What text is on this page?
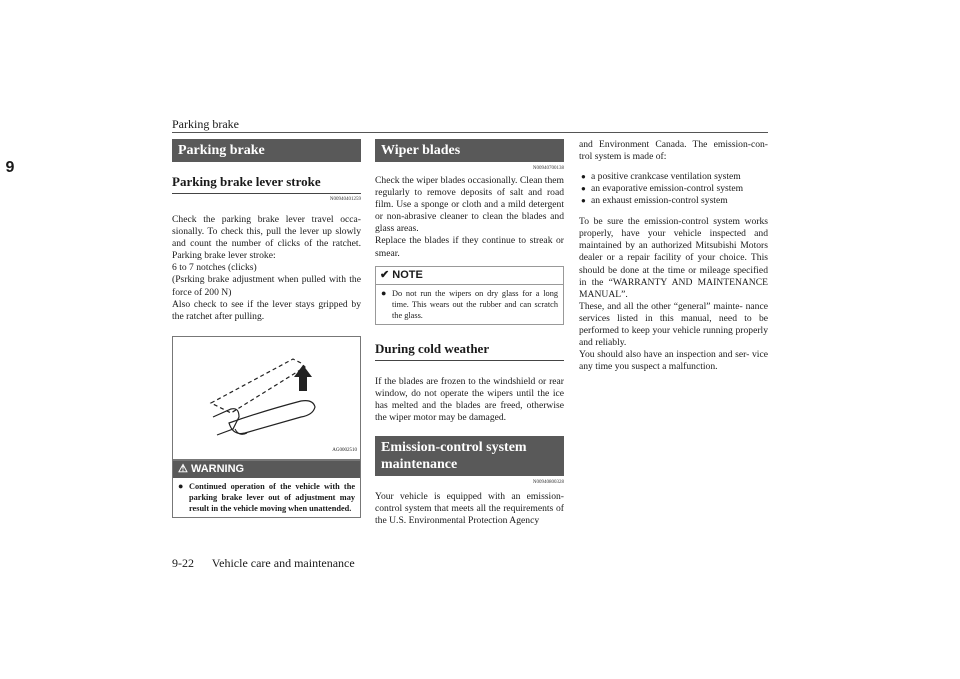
Parking brake
9
Parking brake
Parking brake lever stroke
N00940401259

Check the parking brake lever travel occa- sionally. To check this, pull the lever up slowly and count the number of clicks of the ratchet. Parking brake lever stroke:

6 to 7 notches (clicks)

(Psrking brake adjustment when pulled with the force of 200 N)

Also check to see if the lever stays gripped by the ratchet after pulling.

AG0002510
⚠ WARNING
● Continued operation of the vehicle with the parking brake lever out of adjustment may result in the vehicle moving when unattended.
Wiper blades
N00940700138

Check the wiper blades occasionally. Clean them regularly to remove deposits of salt and road film. Use a sponge or cloth and a mild detergent or non-abrasive cleaner to clean the blades and glass areas.

Replace the blades if they continue to streak or smear.

✔ NOTE
● Do not run the wipers on dry glass for a long time. This wears out the rubber and can scratch the glass.
During cold weather

If the blades are frozen to the windshield or rear window, do not operate the wipers until the ice has melted and the blades are freed, otherwise the wiper motor may be damaged.

Emission-control system maintenance
N00940800328

Your vehicle is equipped with an emission- control system that meets all the requirements of the U.S. Environmental Protection Agency

and Environment Canada. The emission-con- trol system is made of:

● a positive crankcase ventilation system
● an evaporative emission-control system
● an exhaust emission-control system

To be sure the emission-control system works properly, have your vehicle inspected and maintained by an authorized Mitsubishi Motors dealer or a repair facility of your choice. This should be done at the time or mileage specified in the “WARRANTY AND MAINTENANCE MANUAL”.

These, and all the other “general” mainte- nance services listed in this manual, need to be performed to keep your vehicle running properly and reliably.

You should also have an inspection and ser- vice any time you suspect a malfunction.

9-22 Vehicle care and maintenance
